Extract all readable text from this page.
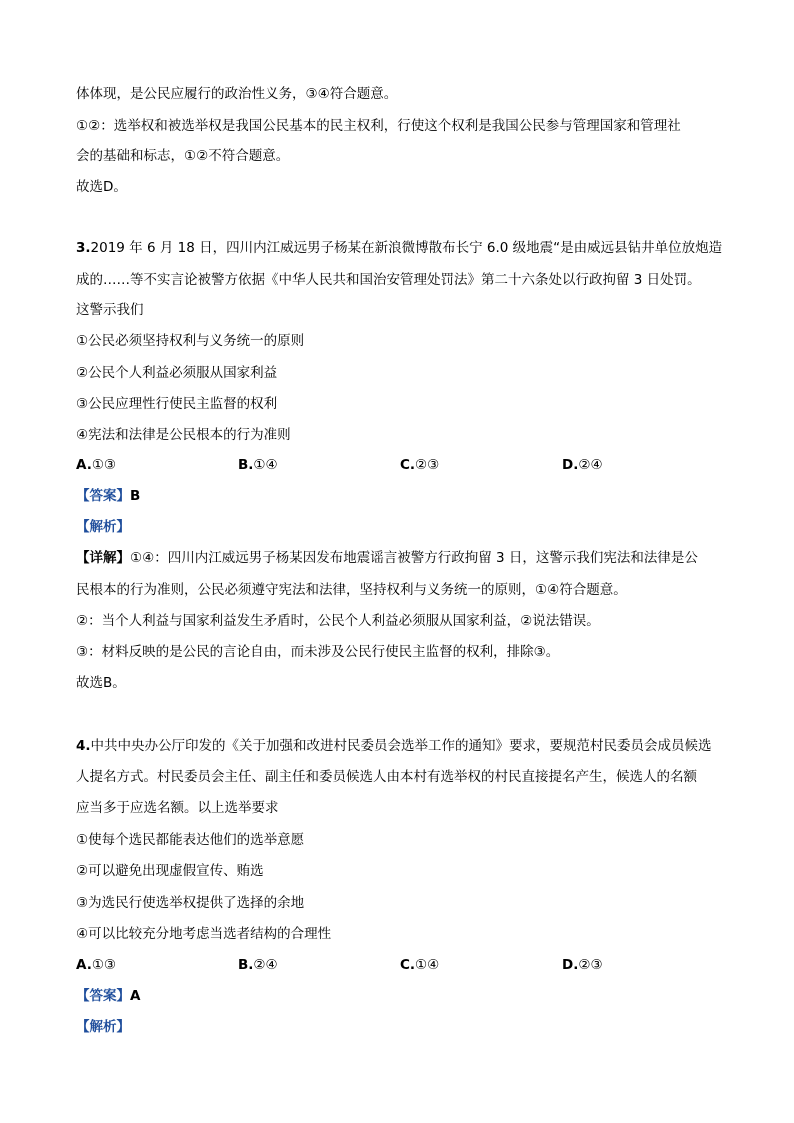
体体现，是公民应履行的政治性义务，③④符合题意。
①②：选举权和被选举权是我国公民基本的民主权利，行使这个权利是我国公民参与管理国家和管理社
会的基础和标志，①②不符合题意。
故选D。
3.2019 年 6 月 18 日，四川内江威远男子杨某在新浪微博散布长宁 6.0 级地震“是由威远县钻井单位放炮造
成的……等不实言论被警方依据《中华人民共和国治安管理处罚法》第二十六条处以行政拘留 3 日处罚。
这警示我们
①公民必须坚持权利与义务统一的原则
②公民个人利益必须服从国家利益
③公民应理性行使民主监督的权利
④宪法和法律是公民根本的行为准则
A.①③	B.①④	C.②③	D.②④
【答案】B
【解析】
【详解】①④：四川内江威远男子杨某因发布地震谣言被警方行政拘留 3 日，这警示我们宪法和法律是公
民根本的行为准则，公民必须遵守宪法和法律，坚持权利与义务统一的原则，①④符合题意。
②：当个人利益与国家利益发生矛盾时，公民个人利益必须服从国家利益，②说法错误。
③：材料反映的是公民的言论自由，而未涉及公民行使民主监督的权利，排除③。
故选B。
4.中共中央办公厅印发的《关于加强和改进村民委员会选举工作的通知》要求，要规范村民委员会成员候选
人提名方式。村民委员会主任、副主任和委员候选人由本村有选举权的村民直接提名产生，候选人的名额
应当多于应选名额。以上选举要求
①使每个选民都能表达他们的选举意愿
②可以避免出现虚假宣传、贿选
③为选民行使选举权提供了选择的余地
④可以比较充分地考虑当选者结构的合理性
A.①③	B.②④	C.①④	D.②③
【答案】A
【解析】
